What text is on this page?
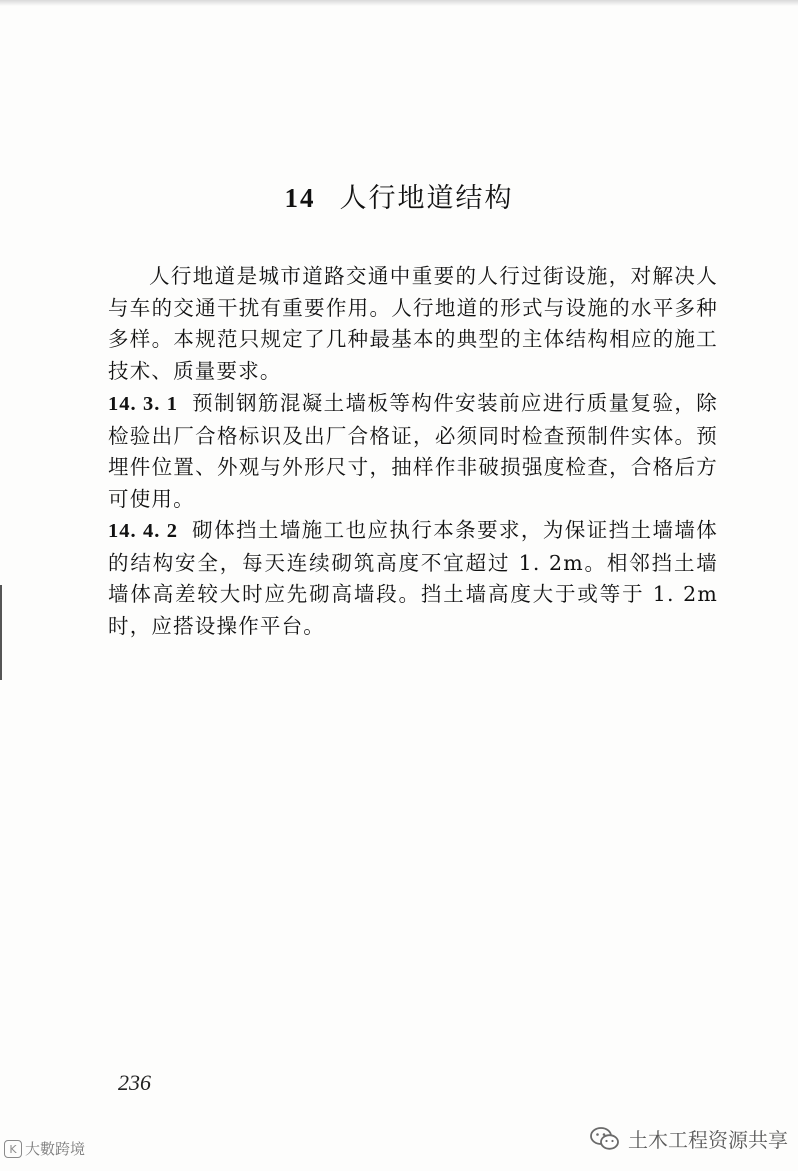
14 人行地道结构

人行地道是城市道路交通中重要的人行过街设施，对解决人与车的交通干扰有重要作用。人行地道的形式与设施的水平多种多样。本规范只规定了几种最基本的典型的主体结构相应的施工技术、质量要求。

14. 3. 1 预制钢筋混凝土墙板等构件安装前应进行质量复验，除检验出厂合格标识及出厂合格证，必须同时检查预制件实体。预埋件位置、外观与外形尺寸，抽样作非破损强度检查，合格后方可使用。

14. 4. 2 砌体挡土墙施工也应执行本条要求，为保证挡土墙墙体的结构安全，每天连续砌筑高度不宜超过 1. 2m。相邻挡土墙墙体高差较大时应先砌高墙段。挡土墙高度大于或等于 1. 2m 时，应搭设操作平台。

236
K 大數跨境	土木工程资源共享
